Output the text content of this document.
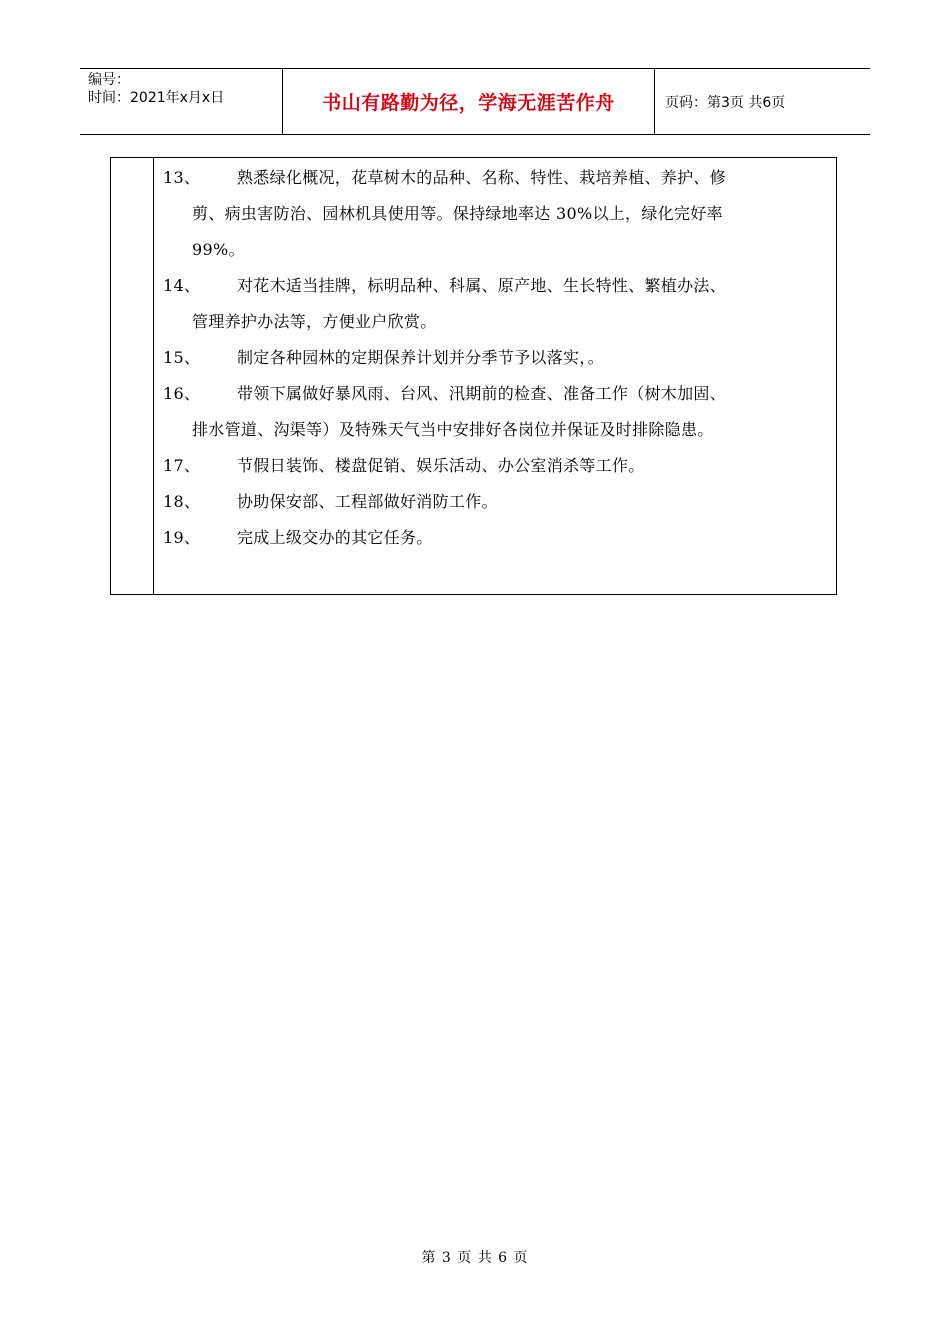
编号：
时间：2021年x月x日	书山有路勤为径，学海无涯苦作舟	页码：第3页 共6页
13、	熟悉绿化概况，花草树木的品种、名称、特性、栽培养植、养护、修
剪、病虫害防治、园林机具使用等。保持绿地率达 30%以上，绿化完好率
99%。
14、	对花木适当挂牌，标明品种、科属、原产地、生长特性、繁植办法、
管理养护办法等，方便业户欣赏。
15、	制定各种园林的定期保养计划并分季节予以落实，。
16、	带领下属做好暴风雨、台风、汛期前的检查、准备工作（树木加固、
排水管道、沟渠等）及特殊天气当中安排好各岗位并保证及时排除隐患。
17、	节假日装饰、楼盘促销、娱乐活动、办公室消杀等工作。
18、	协助保安部、工程部做好消防工作。
19、	完成上级交办的其它任务。
第 3 页 共 6 页
